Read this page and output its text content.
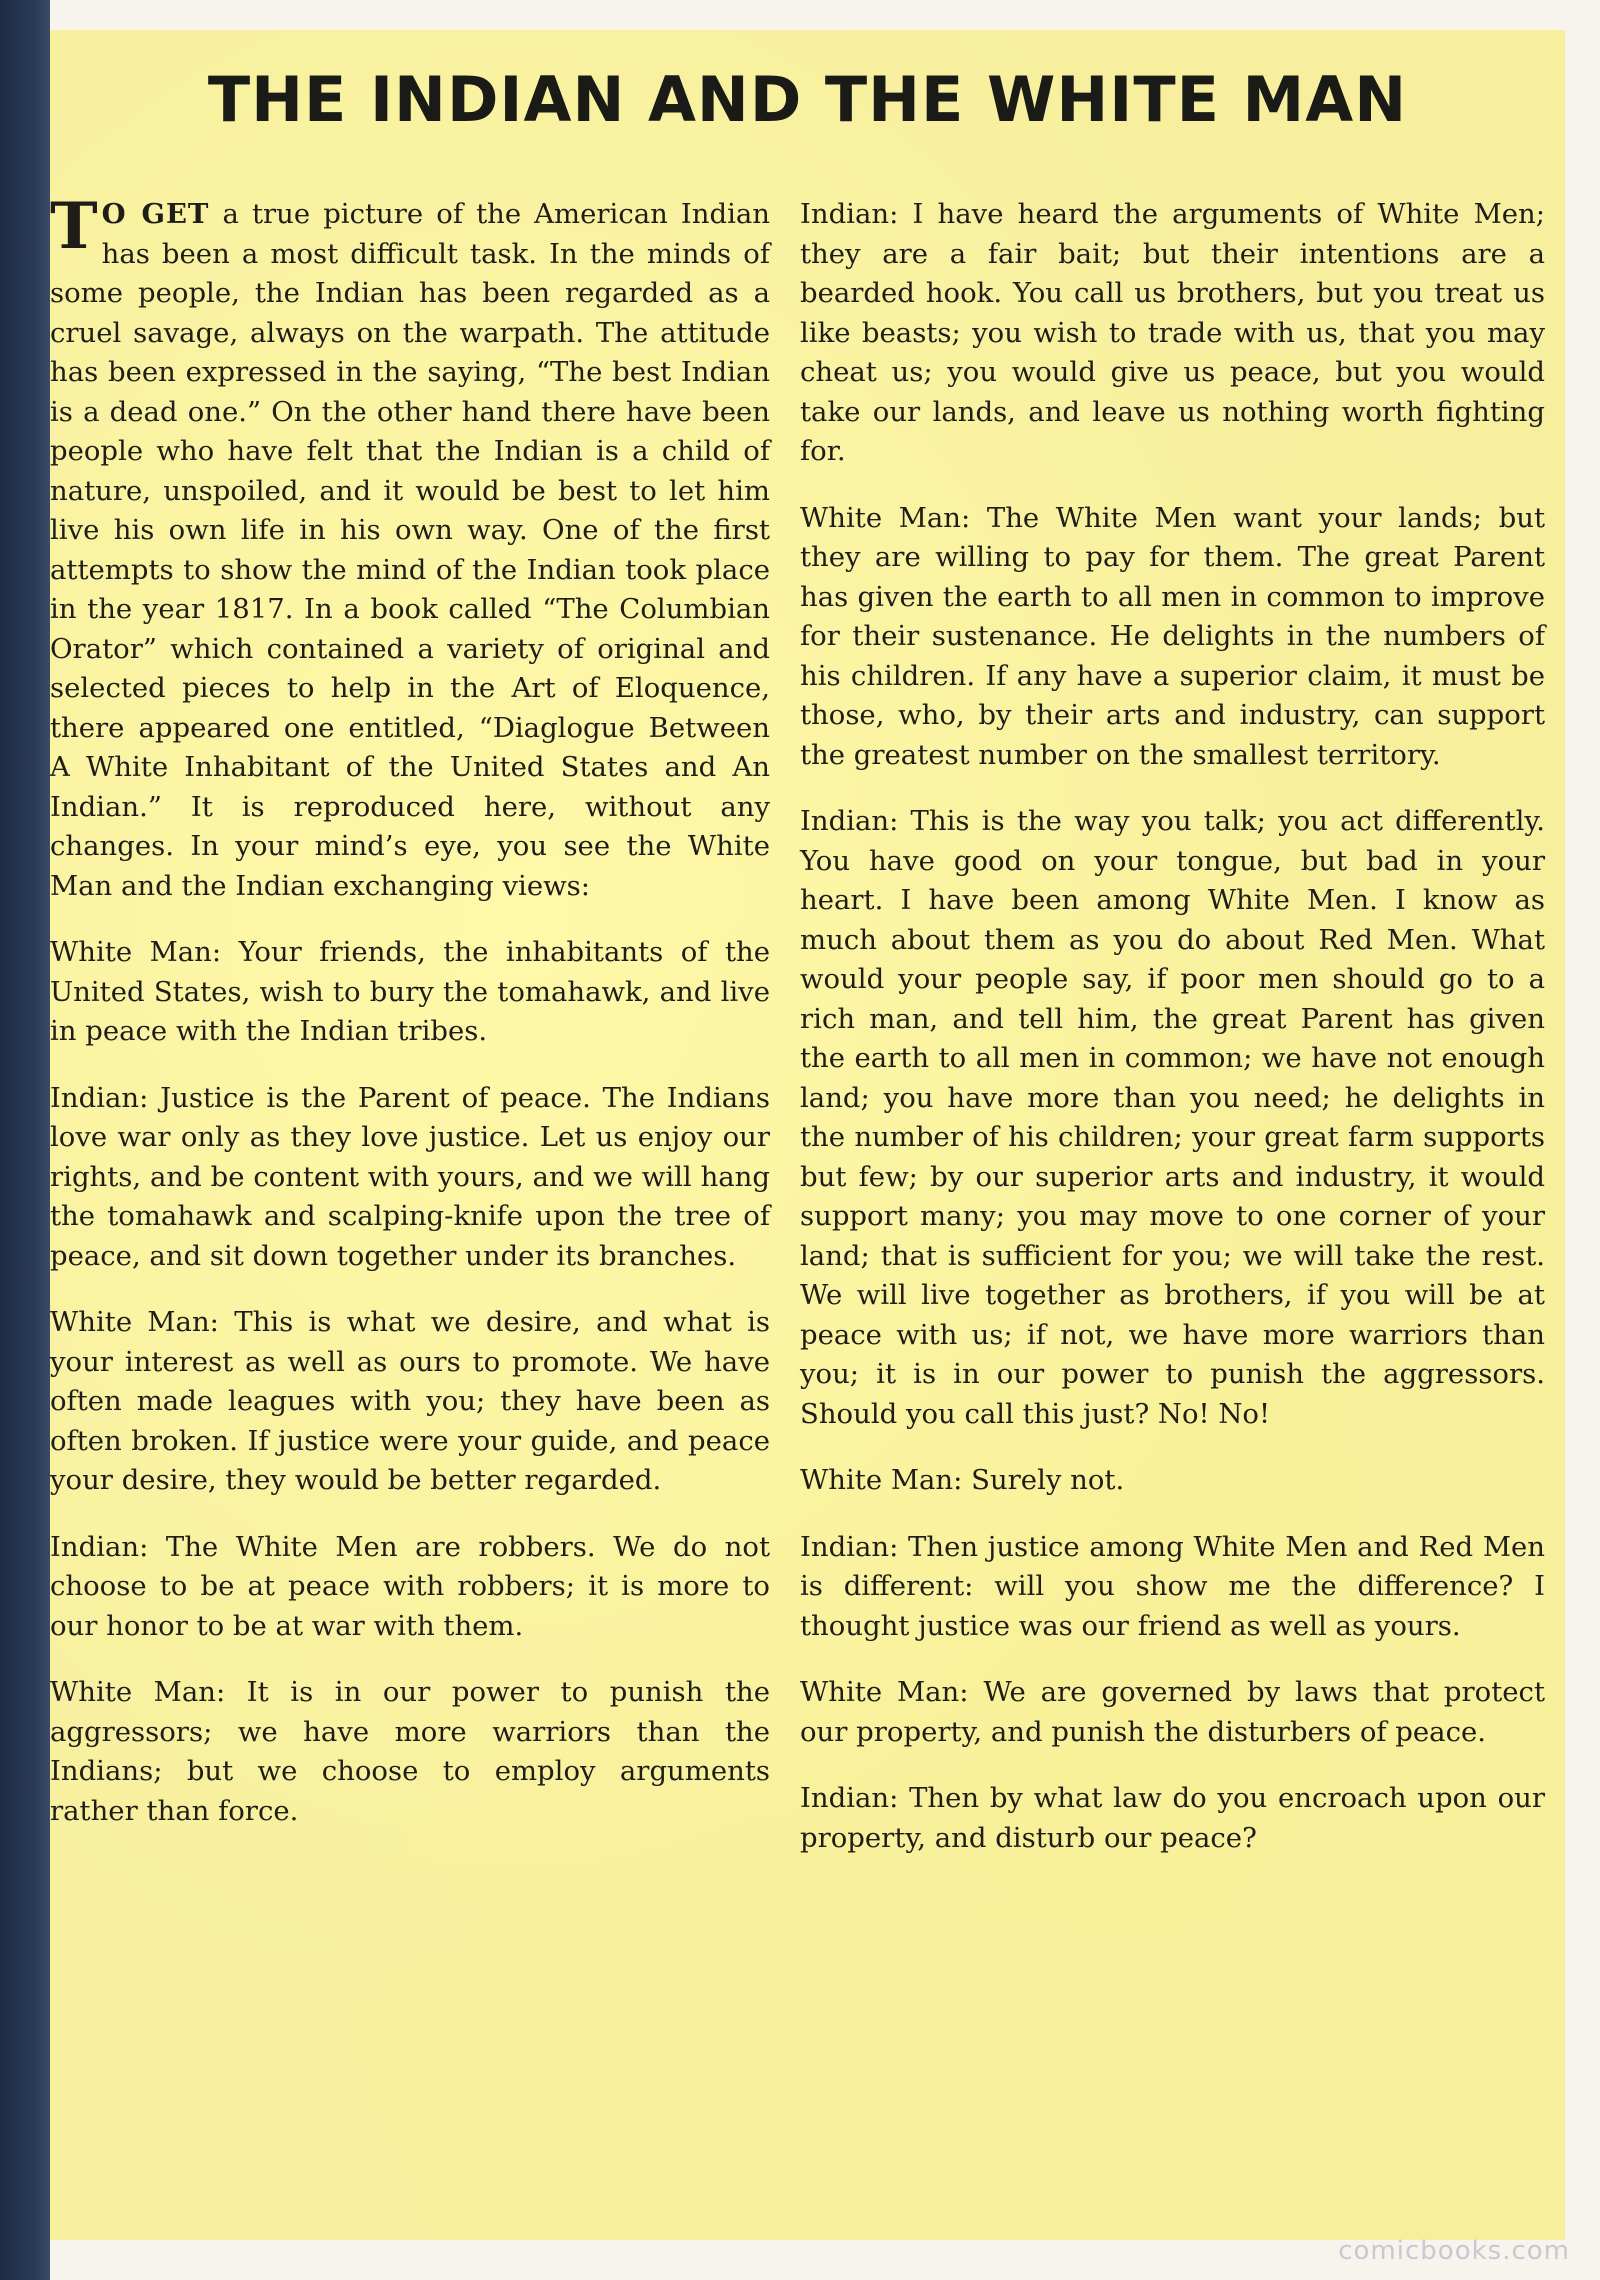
THE INDIAN AND THE WHITE MAN

T O GET a true picture of the American Indian has been a most difficult task. In the minds of some people, the Indian has been regarded as a cruel savage, always on the warpath. The attitude has been expressed in the saying, “The best Indian is a dead one.” On the other hand there have been people who have felt that the Indian is a child of nature, unspoiled, and it would be best to let him live his own life in his own way. One of the first attempts to show the mind of the Indian took place in the year 1817. In a book called “The Columbian Orator” which contained a variety of original and selected pieces to help in the Art of Eloquence, there appeared one entitled, “Diaglogue Between A White Inhabitant of the United States and An Indian.” It is reproduced here, without any changes. In your mind’s eye, you see the White Man and the Indian exchanging views:

White Man: Your friends, the inhabitants of the United States, wish to bury the tomahawk, and live in peace with the Indian tribes.

Indian: Justice is the Parent of peace. The Indians love war only as they love justice. Let us enjoy our rights, and be content with yours, and we will hang the tomahawk and scalping-knife upon the tree of peace, and sit down together under its branches.

White Man: This is what we desire, and what is your interest as well as ours to promote. We have often made leagues with you; they have been as often broken. If justice were your guide, and peace your desire, they would be better regarded.

Indian: The White Men are robbers. We do not choose to be at peace with robbers; it is more to our honor to be at war with them.

White Man: It is in our power to punish the aggressors; we have more warriors than the Indians; but we choose to employ arguments rather than force.

Indian: I have heard the arguments of White Men; they are a fair bait; but their intentions are a bearded hook. You call us brothers, but you treat us like beasts; you wish to trade with us, that you may cheat us; you would give us peace, but you would take our lands, and leave us nothing worth fighting for.

White Man: The White Men want your lands; but they are willing to pay for them. The great Parent has given the earth to all men in common to improve for their sustenance. He delights in the numbers of his children. If any have a superior claim, it must be those, who, by their arts and industry, can support the greatest number on the smallest territory.

Indian: This is the way you talk; you act differently. You have good on your tongue, but bad in your heart. I have been among White Men. I know as much about them as you do about Red Men. What would your people say, if poor men should go to a rich man, and tell him, the great Parent has given the earth to all men in common; we have not enough land; you have more than you need; he delights in the number of his children; your great farm supports but few; by our superior arts and industry, it would support many; you may move to one corner of your land; that is sufficient for you; we will take the rest. We will live together as brothers, if you will be at peace with us; if not, we have more warriors than you; it is in our power to punish the aggressors. Should you call this just? No! No!

White Man: Surely not.

Indian: Then justice among White Men and Red Men is different: will you show me the difference? I thought justice was our friend as well as yours.

White Man: We are governed by laws that protect our property, and punish the disturbers of peace.

Indian: Then by what law do you encroach upon our property, and disturb our peace?

comicbooks.com
